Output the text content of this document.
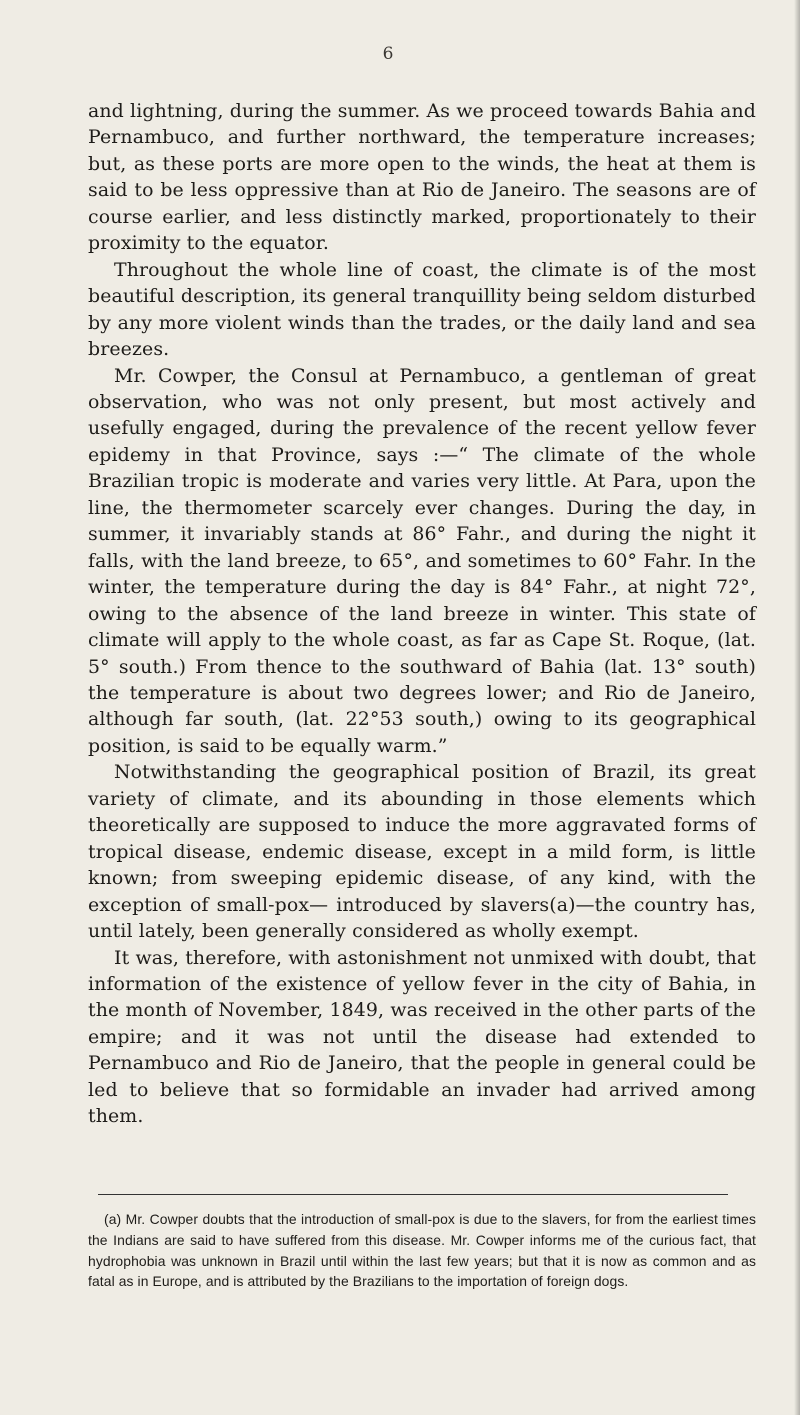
6

and lightning, during the summer. As we proceed towards Bahia and Pernambuco, and further northward, the temperature increases; but, as these ports are more open to the winds, the heat at them is said to be less oppressive than at Rio de Janeiro. The seasons are of course earlier, and less distinctly marked, proportionately to their proximity to the equator.

Throughout the whole line of coast, the climate is of the most beautiful description, its general tranquillity being seldom disturbed by any more violent winds than the trades, or the daily land and sea breezes.

Mr. Cowper, the Consul at Pernambuco, a gentleman of great observation, who was not only present, but most actively and usefully engaged, during the prevalence of the recent yellow fever epidemy in that Province, says :—“ The climate of the whole Brazilian tropic is moderate and varies very little. At Para, upon the line, the thermometer scarcely ever changes. During the day, in summer, it invariably stands at 86° Fahr., and during the night it falls, with the land breeze, to 65°, and sometimes to 60° Fahr. In the winter, the temperature during the day is 84° Fahr., at night 72°, owing to the absence of the land breeze in winter. This state of climate will apply to the whole coast, as far as Cape St. Roque, (lat. 5° south.) From thence to the southward of Bahia (lat. 13° south) the temperature is about two degrees lower; and Rio de Janeiro, although far south, (lat. 22°53 south,) owing to its geographical position, is said to be equally warm.”

Notwithstanding the geographical position of Brazil, its great variety of climate, and its abounding in those elements which theoretically are supposed to induce the more aggravated forms of tropical disease, endemic disease, except in a mild form, is little known; from sweeping epidemic disease, of any kind, with the exception of small-pox— introduced by slavers(a)—the country has, until lately, been generally considered as wholly exempt.

It was, therefore, with astonishment not unmixed with doubt, that information of the existence of yellow fever in the city of Bahia, in the month of November, 1849, was received in the other parts of the empire; and it was not until the disease had extended to Pernambuco and Rio de Janeiro, that the people in general could be led to believe that so formidable an invader had arrived among them.

(a) Mr. Cowper doubts that the introduction of small-pox is due to the slavers, for from the earliest times the Indians are said to have suffered from this disease. Mr. Cowper informs me of the curious fact, that hydrophobia was unknown in Brazil until within the last few years; but that it is now as common and as fatal as in Europe, and is attributed by the Brazilians to the importation of foreign dogs.
